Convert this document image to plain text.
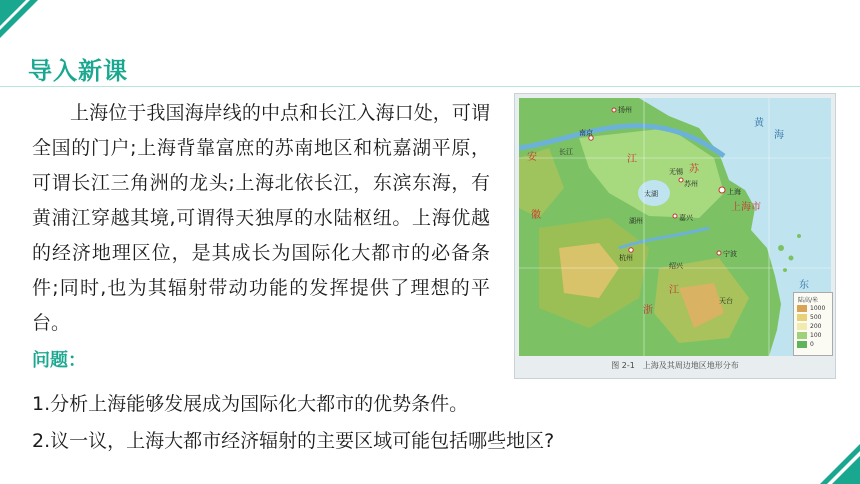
导入新课
上海位于我国海岸线的中点和长江入海口处，可谓全国的门户;上海背靠富庶的苏南地区和杭嘉湖平原，可谓长江三角洲的龙头;上海北依长江，东滨东海，有黄浦江穿越其境,可谓得天独厚的水陆枢纽。上海优越的经济地理区位，是其成长为国际化大都市的必备条件;同时,也为其辐射带动功能的发挥提供了理想的平台。
问题：
1.分析上海能够发展成为国际化大都市的优势条件。
2.议一议，上海大都市经济辐射的主要区域可能包括哪些地区?
黄
海
东
安
徽
江
苏
上海市
浙
江
扬州
南京
苏州
上海
杭州
太湖
嘉兴
宁波
无锡
绍兴
湖州
天台
长江
陆高/米
1000
500
200
100
0
图 2-1　上海及其周边地区地形分布
